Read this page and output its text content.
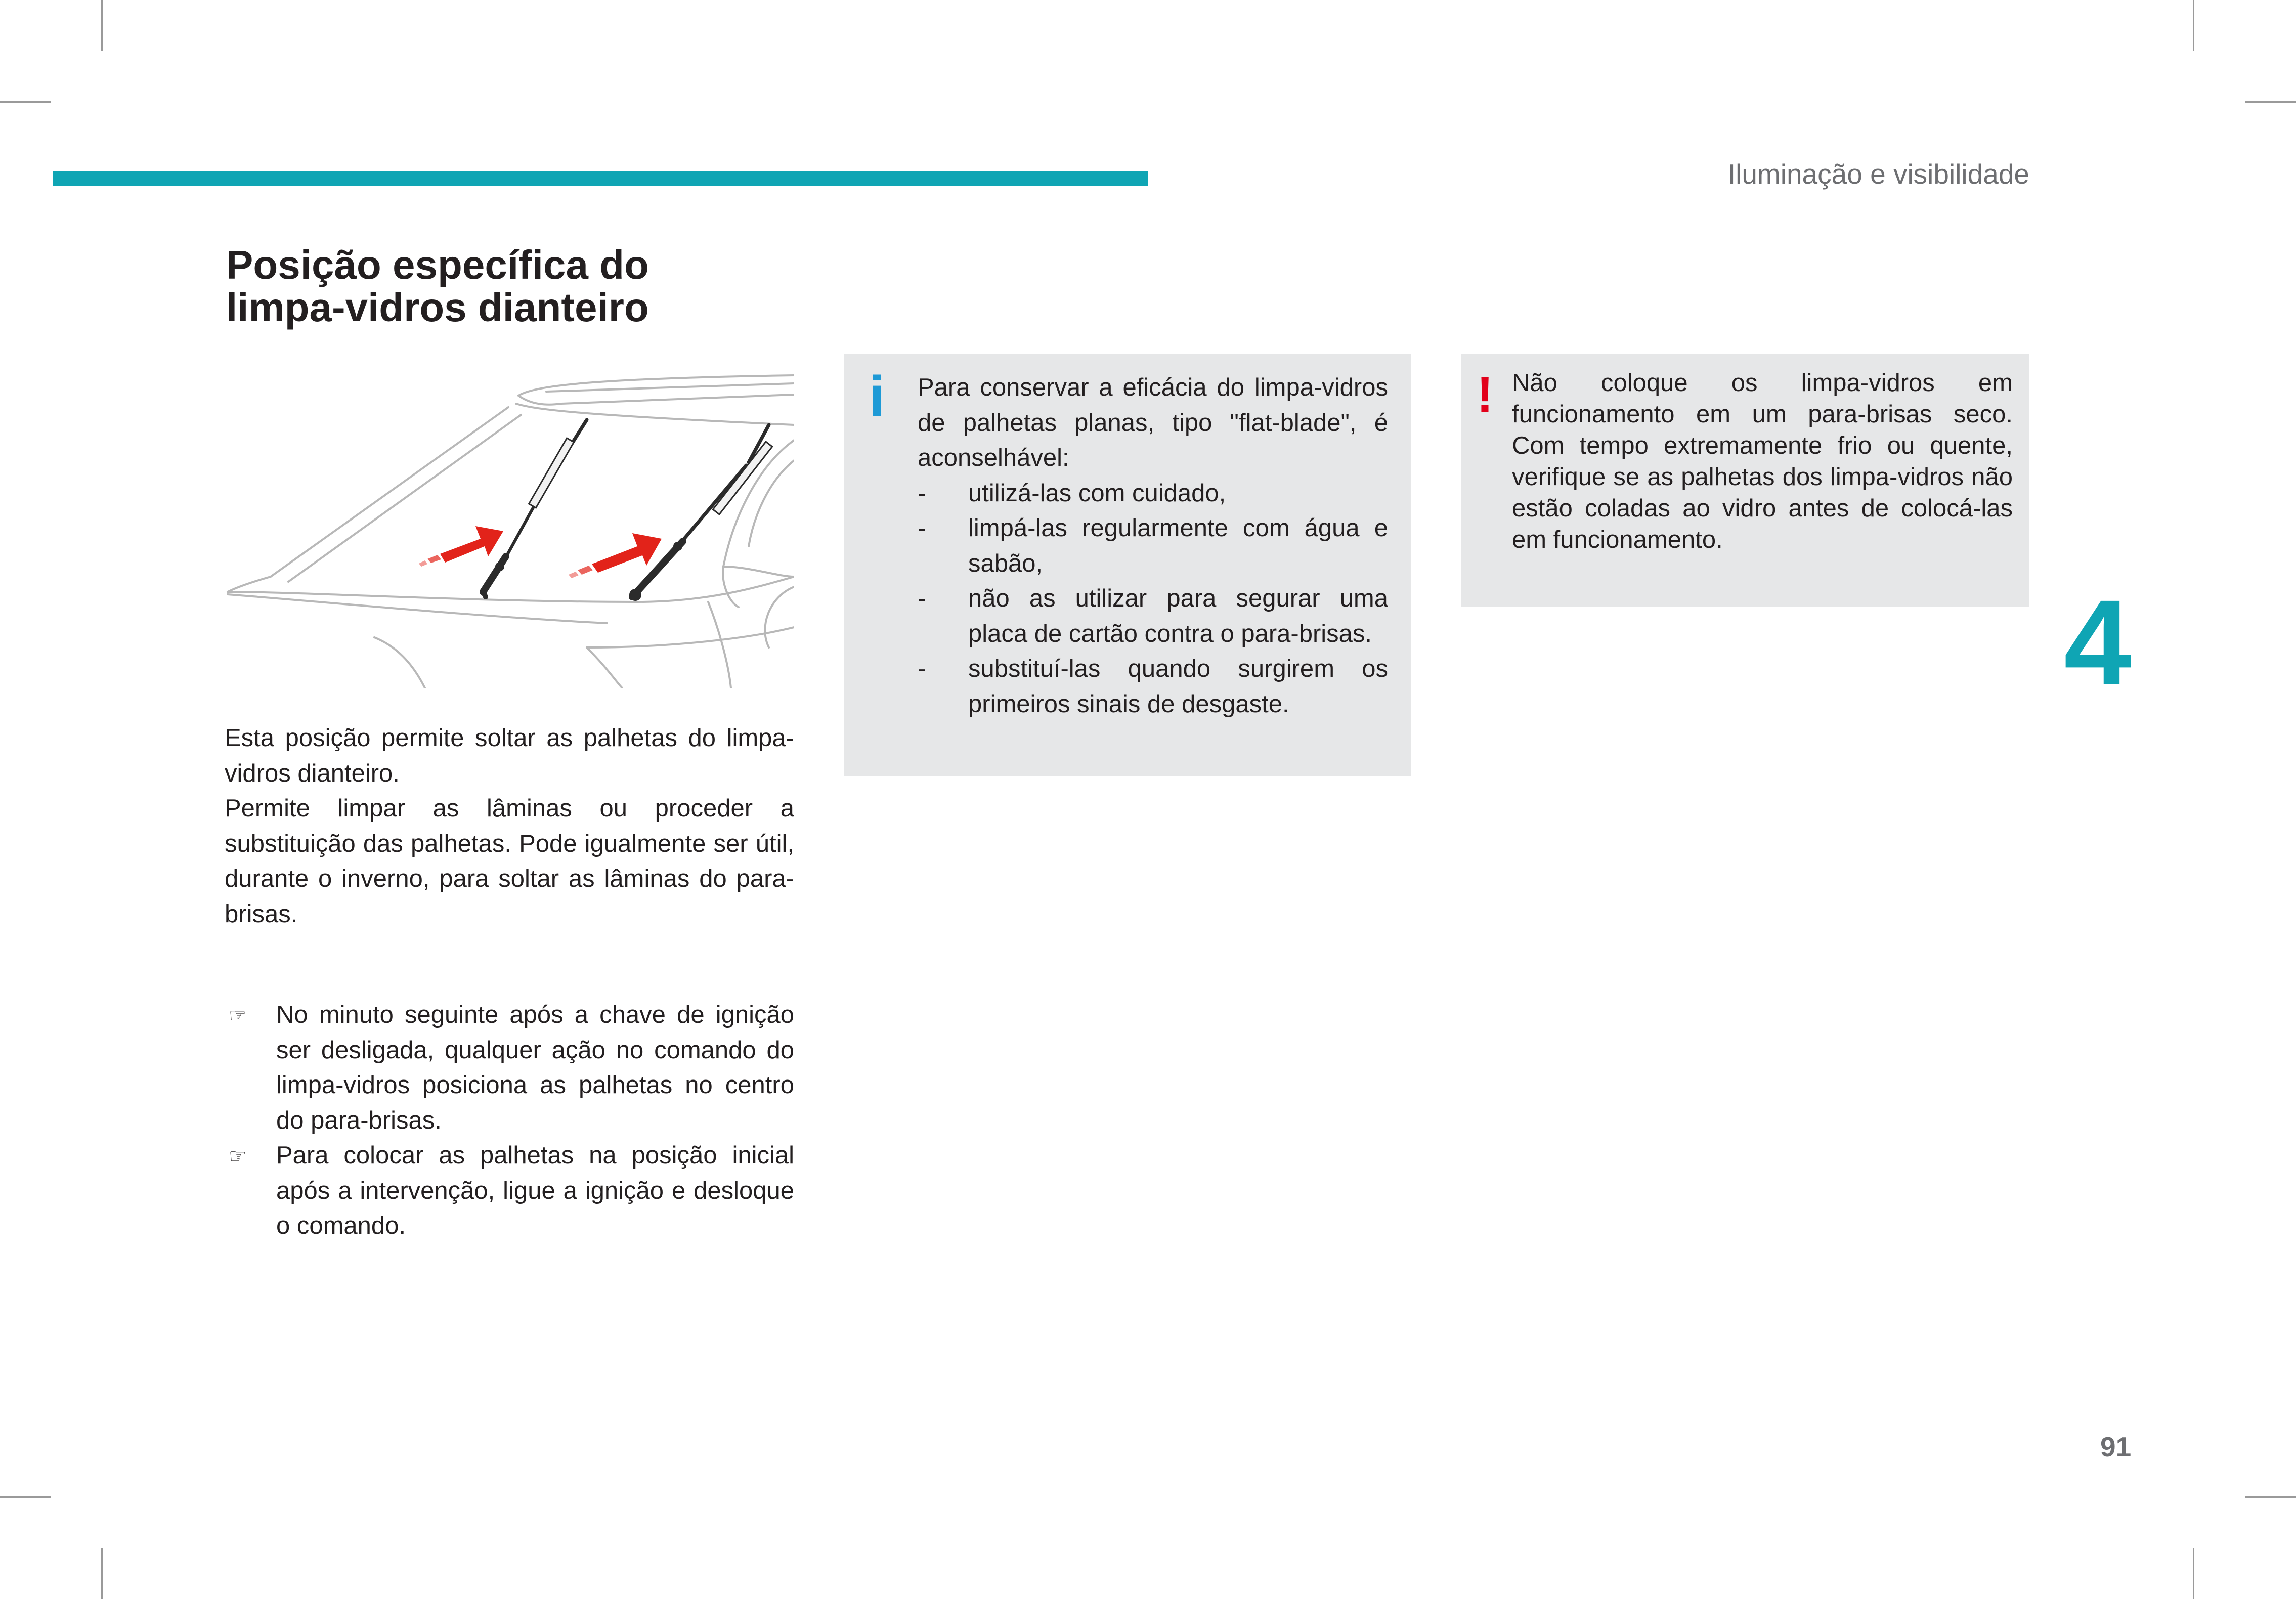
Iluminação e visibilidade
4
91
Posição específica do
limpa-vidros dianteiro

Esta posição permite soltar as palhetas do limpa-vidros dianteiro.

Permite limpar as lâminas ou proceder a substituição das palhetas. Pode igualmente ser útil, durante o inverno, para soltar as lâminas do para-brisas.

☞ No minuto seguinte após a chave de ignição ser desligada, qualquer ação no comando do limpa-vidros posiciona as palhetas no centro do para-brisas.
☞ Para colocar as palhetas na posição inicial após a intervenção, ligue a ignição e desloque o comando.
i Para conservar a eficácia do limpa-vidros de palhetas planas, tipo "flat-blade", é aconselhável:

- utilizá-las com cuidado,
- limpá-las regularmente com água e sabão,
- não as utilizar para segurar uma placa de cartão contra o para-brisas.
- substituí-las quando surgirem os primeiros sinais de desgaste.
! Não coloque os limpa-vidros em funcionamento em um para-brisas seco. Com tempo extremamente frio ou quente, verifique se as palhetas dos limpa-vidros não estão coladas ao vidro antes de colocá-las em funcionamento.
